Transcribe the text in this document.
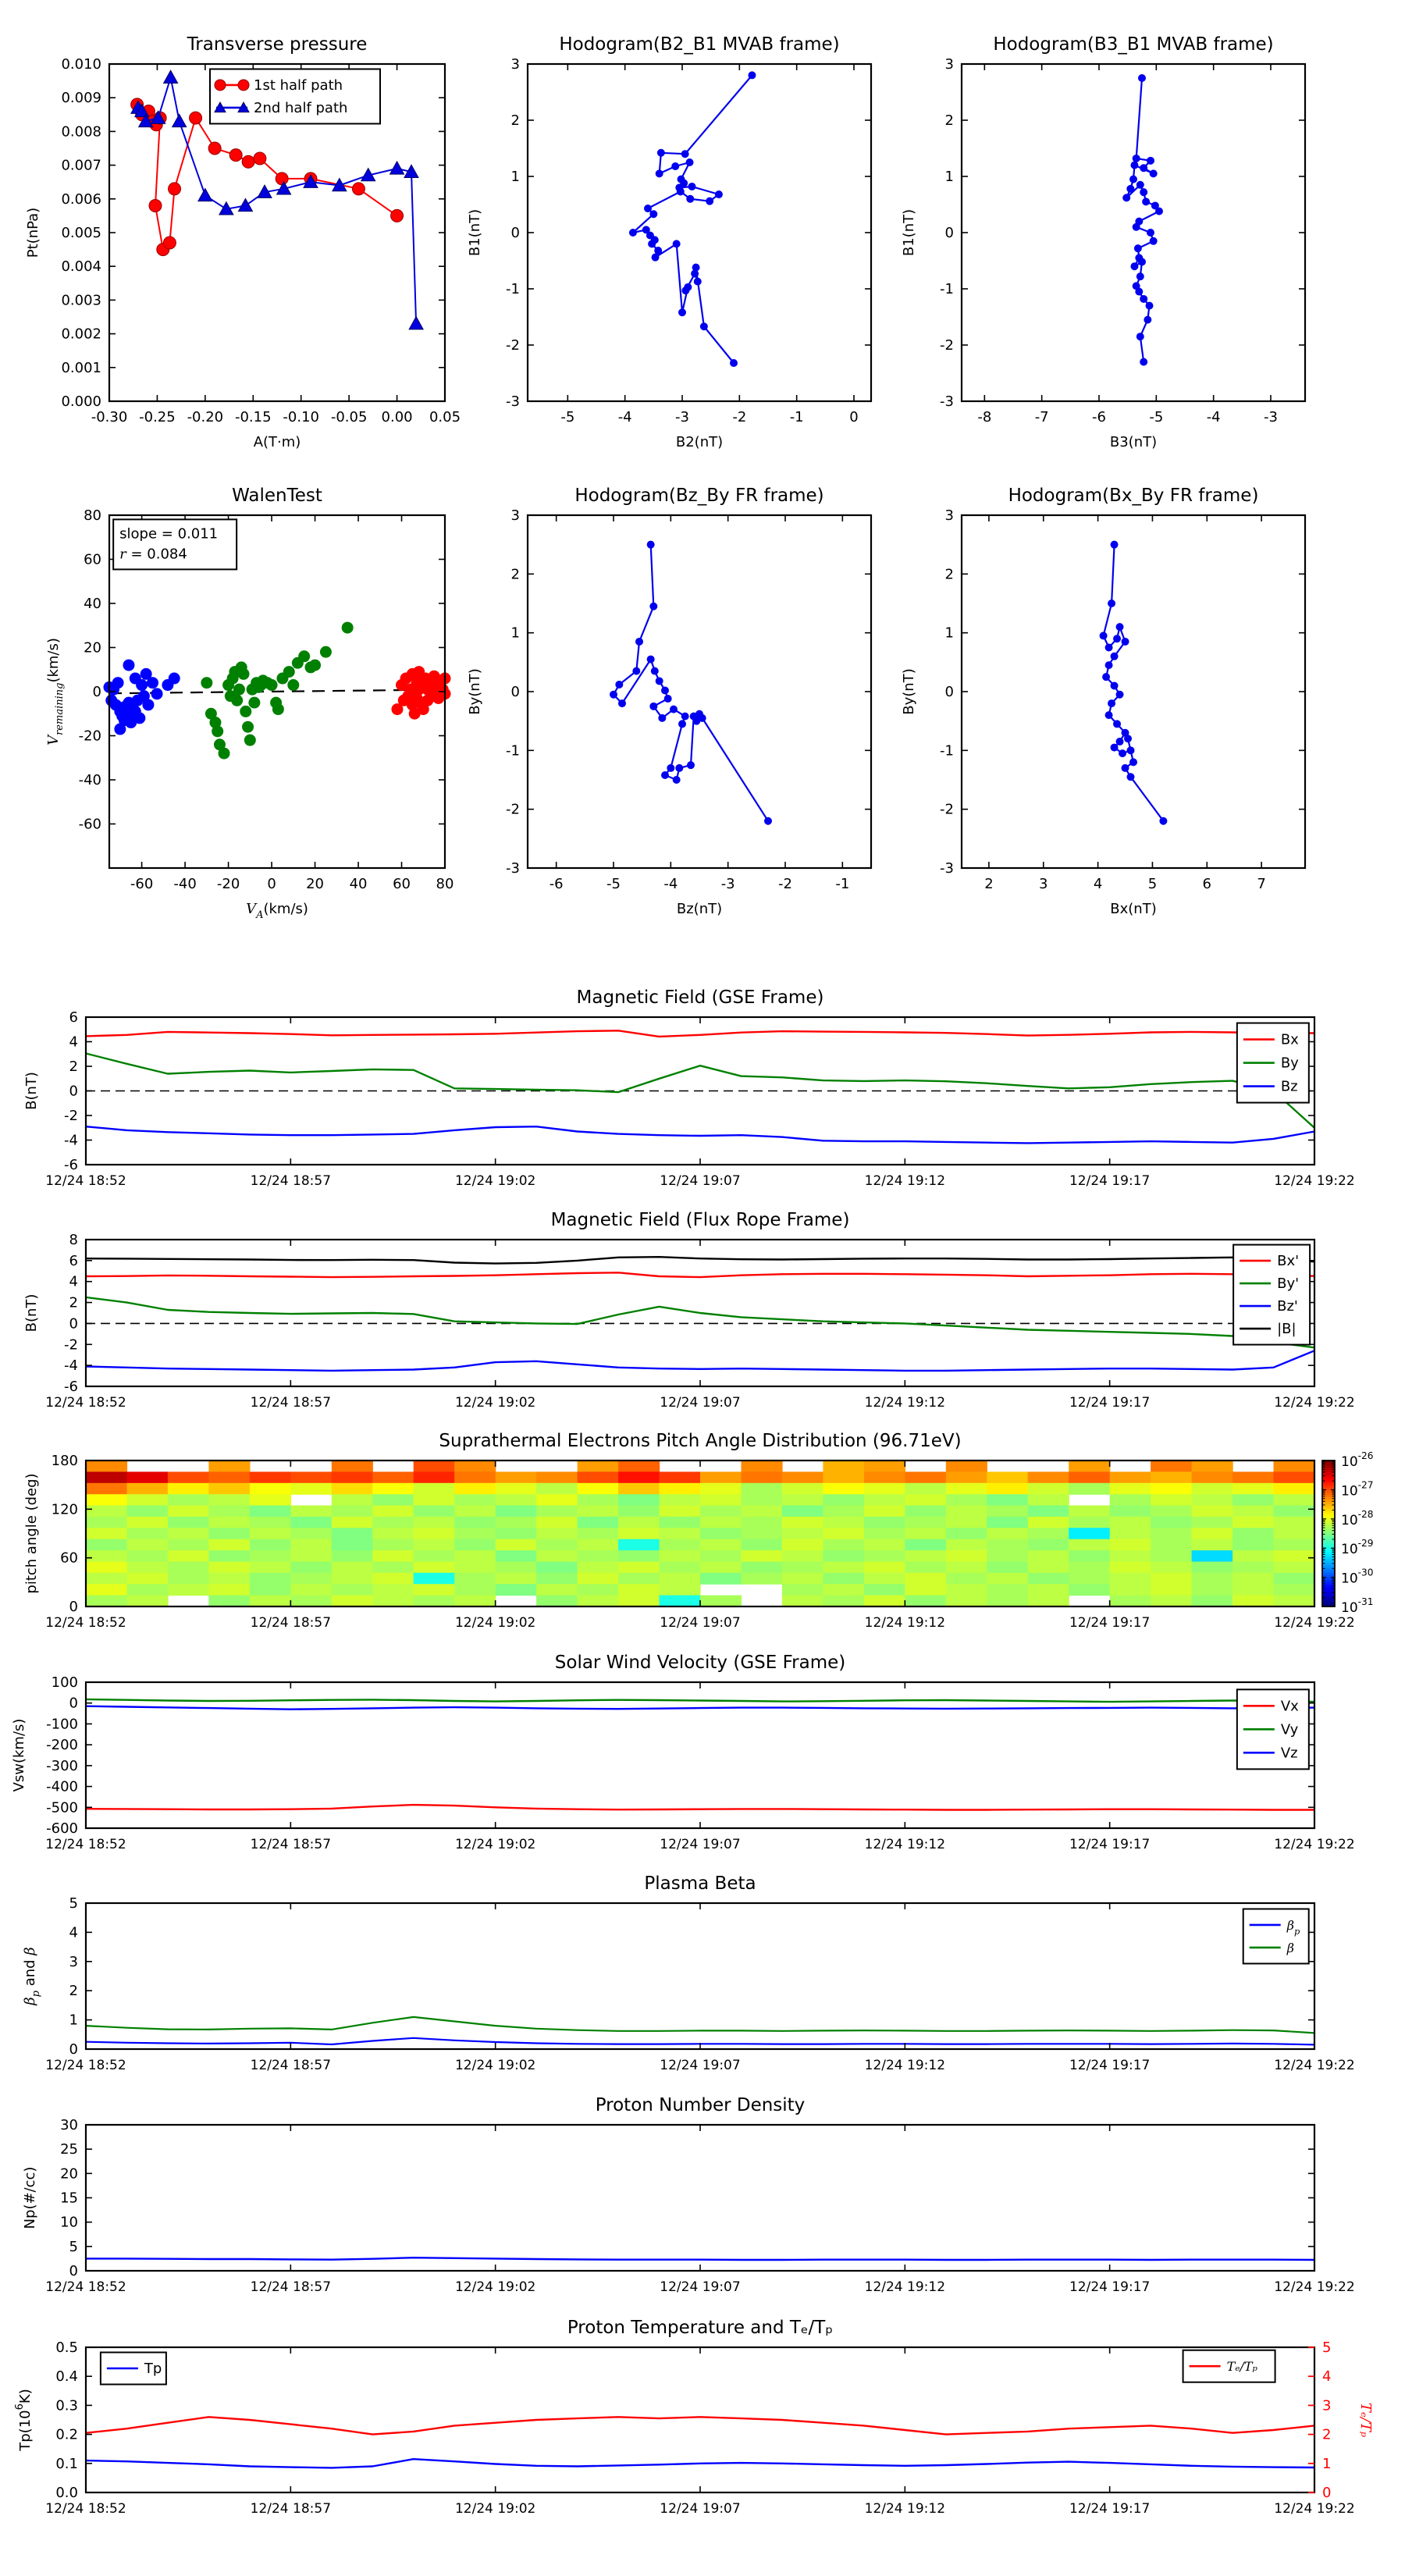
-0.30 -0.25 -0.20 -0.15 -0.10 -0.05 0.00 0.05
0.000
0.001
0.002
0.003
0.004
0.005
0.006
0.007
0.008
0.009
0.010
A(T·m)
Pt(nPa)
1st half path
2nd half path
-5	-4	-3	-2	-1	0
-3
-2
-1
0
1
2
3
B2(nT)
B1(nT)
-8	-7	-6	-5	-4	-3
-3
-2
-1
0
1
2
3
B3(nT)
B1(nT)
-60 -40 -20 0 20 40 60 80
-60
-40
-20
0
20
40
60
80
$V_A(km/s)$
$V_{remaining}(km/s)$
slope = 0.011
r = 0.084
-6	-5	-4	-3	-2	-1
-3
-2
-1
0
1
2
3
Bz(nT)
By(nT)
2	3	4	5	6	7
-3
-2
-1
0
1
2
3
Bx(nT)
By(nT)
12/24 18:52	12/24 18:57	12/24 19:02	12/24 19:07	12/24 19:12	12/24 19:17	12/24 19:22
-6
-4
-2
0
2
4
6
B(nT)
Bx
By
Bz
12/24 18:52	12/24 18:57	12/24 19:02	12/24 19:07	12/24 19:12	12/24 19:17	12/24 19:22
-6
-4
-2
0
2
4
6
8
B(nT)
Bx'
By'
Bz'
|B|
12/24 18:52	12/24 18:57	12/24 19:02	12/24 19:07	12/24 19:12	12/24 19:17	12/24 19:22
0
60
120
180
pitch angle (deg)
$10^{-26}$
$10^{-27}$
$10^{-28}$
$10^{-29}$
$10^{-30}$
$10^{-31}$
12/24 18:52	12/24 18:57	12/24 19:02	12/24 19:07	12/24 19:12	12/24 19:17	12/24 19:22
-600
-500
-400
-300
-200
-100
0
100
Vsw(km/s)
Vx
Vy
Vz
12/24 18:52	12/24 18:57	12/24 19:02	12/24 19:07	12/24 19:12	12/24 19:17	12/24 19:22
0
1
2
3
4
5
$\beta_p$ and β
$\beta_p$
β
12/24 18:52	12/24 18:57	12/24 19:02	12/24 19:07	12/24 19:12	12/24 19:17	12/24 19:22
0
5
10
15
20
25
30
Np(#/cc)
12/24 18:52	12/24 18:57	12/24 19:02	12/24 19:07	12/24 19:12	12/24 19:17	12/24 19:22
0.0
0.1
0.2
0.3
0.4
0.5
0
1
2
3
4
5
Tₑ/Tₚ
$Tp(10^6K)$
Tp	Tₑ/Tₚ
Transverse pressure	Hodogram(B2_B1 MVAB frame)	Hodogram(B3_B1 MVAB frame)
WalenTest	Hodogram(Bz_By FR frame)	Hodogram(Bx_By FR frame)
Magnetic Field (GSE Frame)
Magnetic Field (Flux Rope Frame)
Suprathermal Electrons Pitch Angle Distribution (96.71eV)
Solar Wind Velocity (GSE Frame)
Plasma Beta
Proton Number Density
Proton Temperature and Tₑ/Tₚ
